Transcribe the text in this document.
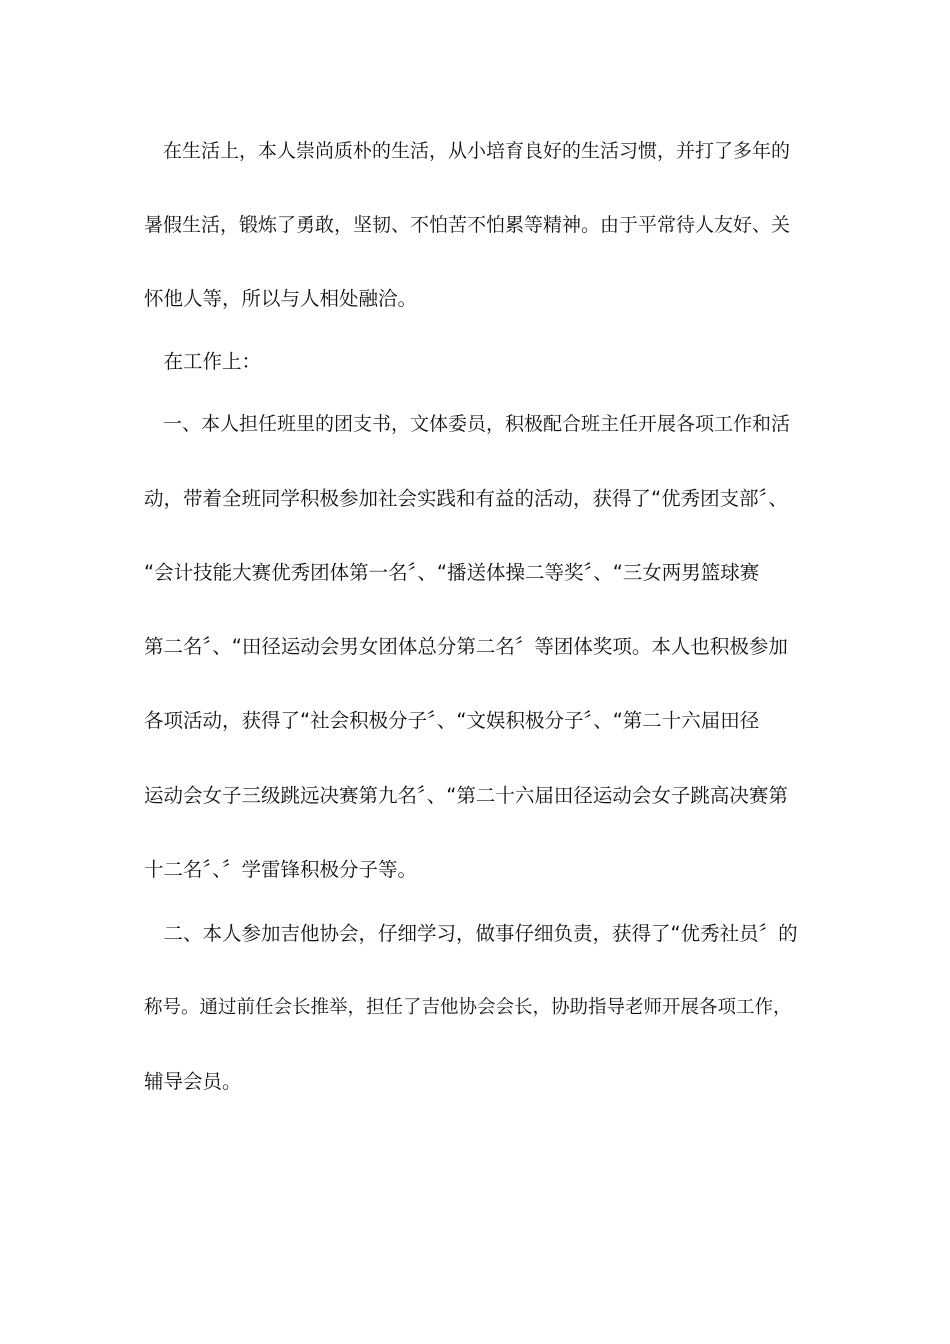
　在生活上，本人崇尚质朴的生活，从小培育良好的生活习惯，并打了多年的
暑假生活，锻炼了勇敢，坚韧、不怕苦不怕累等精神。由于平常待人友好、关
怀他人等，所以与人相处融洽。
　在工作上：
　一、本人担任班里的团支书，文体委员，积极配合班主任开展各项工作和活
动，带着全班同学积极参加社会实践和有益的活动，获得了“优秀团支部〞、
“会计技能大赛优秀团体第一名〞、“播送体操二等奖〞、“三女两男篮球赛
第二名〞、“田径运动会男女团体总分第二名〞等团体奖项。本人也积极参加
各项活动，获得了“社会积极分子〞、“文娱积极分子〞、“第二十六届田径
运动会女子三级跳远决赛第九名〞、“第二十六届田径运动会女子跳高决赛第
十二名〞、〞学雷锋积极分子等。
　二、本人参加吉他协会，仔细学习，做事仔细负责，获得了“优秀社员〞的
称号。通过前任会长推举，担任了吉他协会会长，协助指导老师开展各项工作，
辅导会员。
